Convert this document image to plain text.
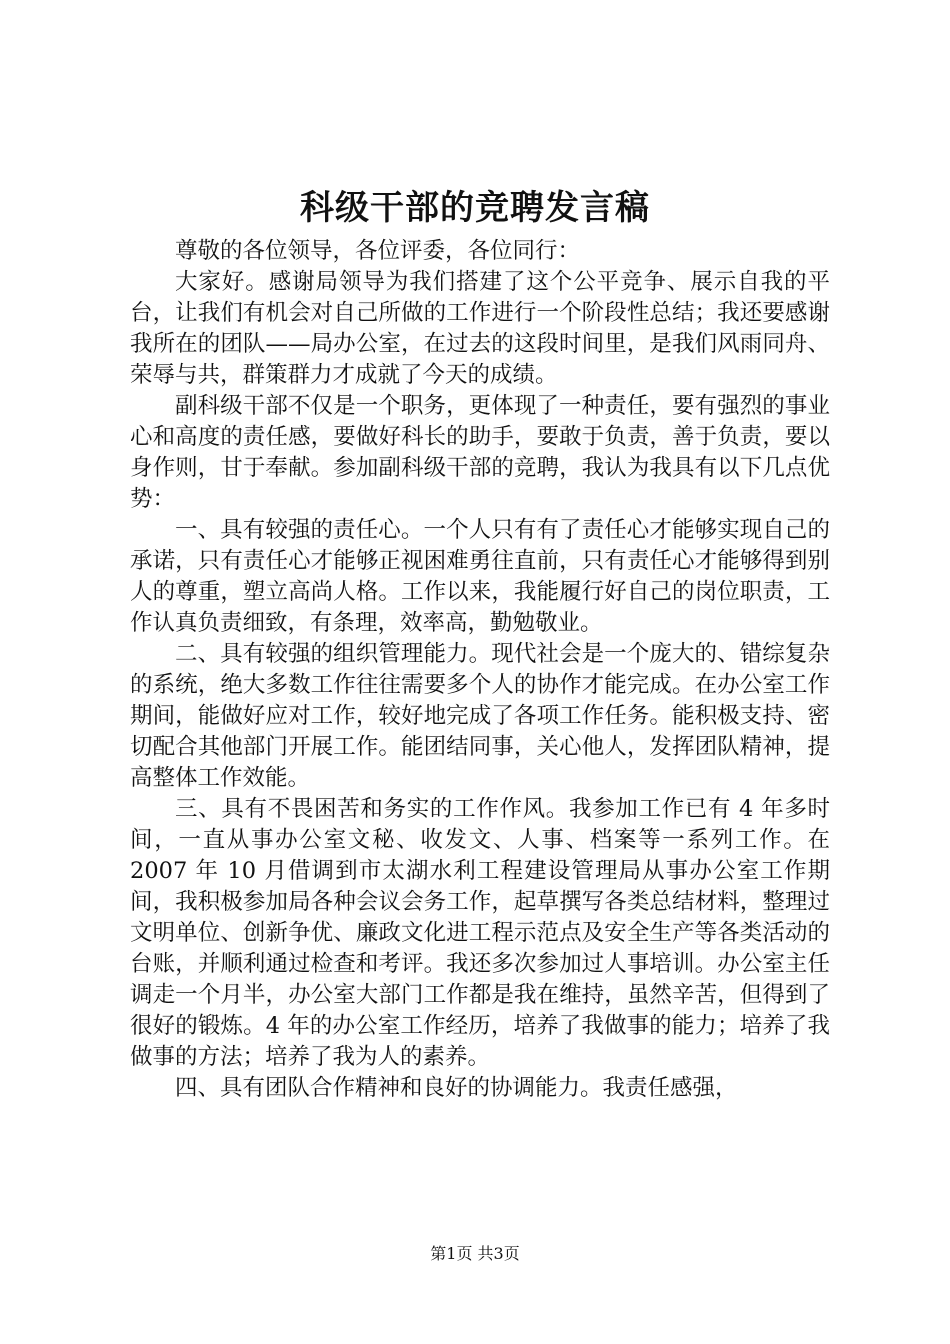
科级干部的竞聘发言稿

尊敬的各位领导，各位评委，各位同行：

大家好。感谢局领导为我们搭建了这个公平竞争、展示自我的平台，让我们有机会对自己所做的工作进行一个阶段性总结；我还要感谢我所在的团队——局办公室，在过去的这段时间里，是我们风雨同舟、荣辱与共，群策群力才成就了今天的成绩。

副科级干部不仅是一个职务，更体现了一种责任，要有强烈的事业心和高度的责任感，要做好科长的助手，要敢于负责，善于负责，要以身作则，甘于奉献。参加副科级干部的竞聘，我认为我具有以下几点优势：

一、具有较强的责任心。一个人只有有了责任心才能够实现自己的承诺，只有责任心才能够正视困难勇往直前，只有责任心才能够得到别人的尊重，塑立高尚人格。工作以来，我能履行好自己的岗位职责，工作认真负责细致，有条理，效率高，勤勉敬业。

二、具有较强的组织管理能力。现代社会是一个庞大的、错综复杂的系统，绝大多数工作往往需要多个人的协作才能完成。在办公室工作期间，能做好应对工作，较好地完成了各项工作任务。能积极支持、密切配合其他部门开展工作。能团结同事，关心他人，发挥团队精神，提高整体工作效能。

三、具有不畏困苦和务实的工作作风。我参加工作已有 4 年多时间，一直从事办公室文秘、收发文、人事、档案等一系列工作。在 2007 年 10 月借调到市太湖水利工程建设管理局从事办公室工作期间，我积极参加局各种会议会务工作，起草撰写各类总结材料，整理过文明单位、创新争优、廉政文化进工程示范点及安全生产等各类活动的台账，并顺利通过检查和考评。我还多次参加过人事培训。办公室主任调走一个月半，办公室大部门工作都是我在维持，虽然辛苦，但得到了很好的锻炼。4 年的办公室工作经历，培养了我做事的能力；培养了我做事的方法；培养了我为人的素养。

四、具有团队合作精神和良好的协调能力。我责任感强，

第1页 共3页
